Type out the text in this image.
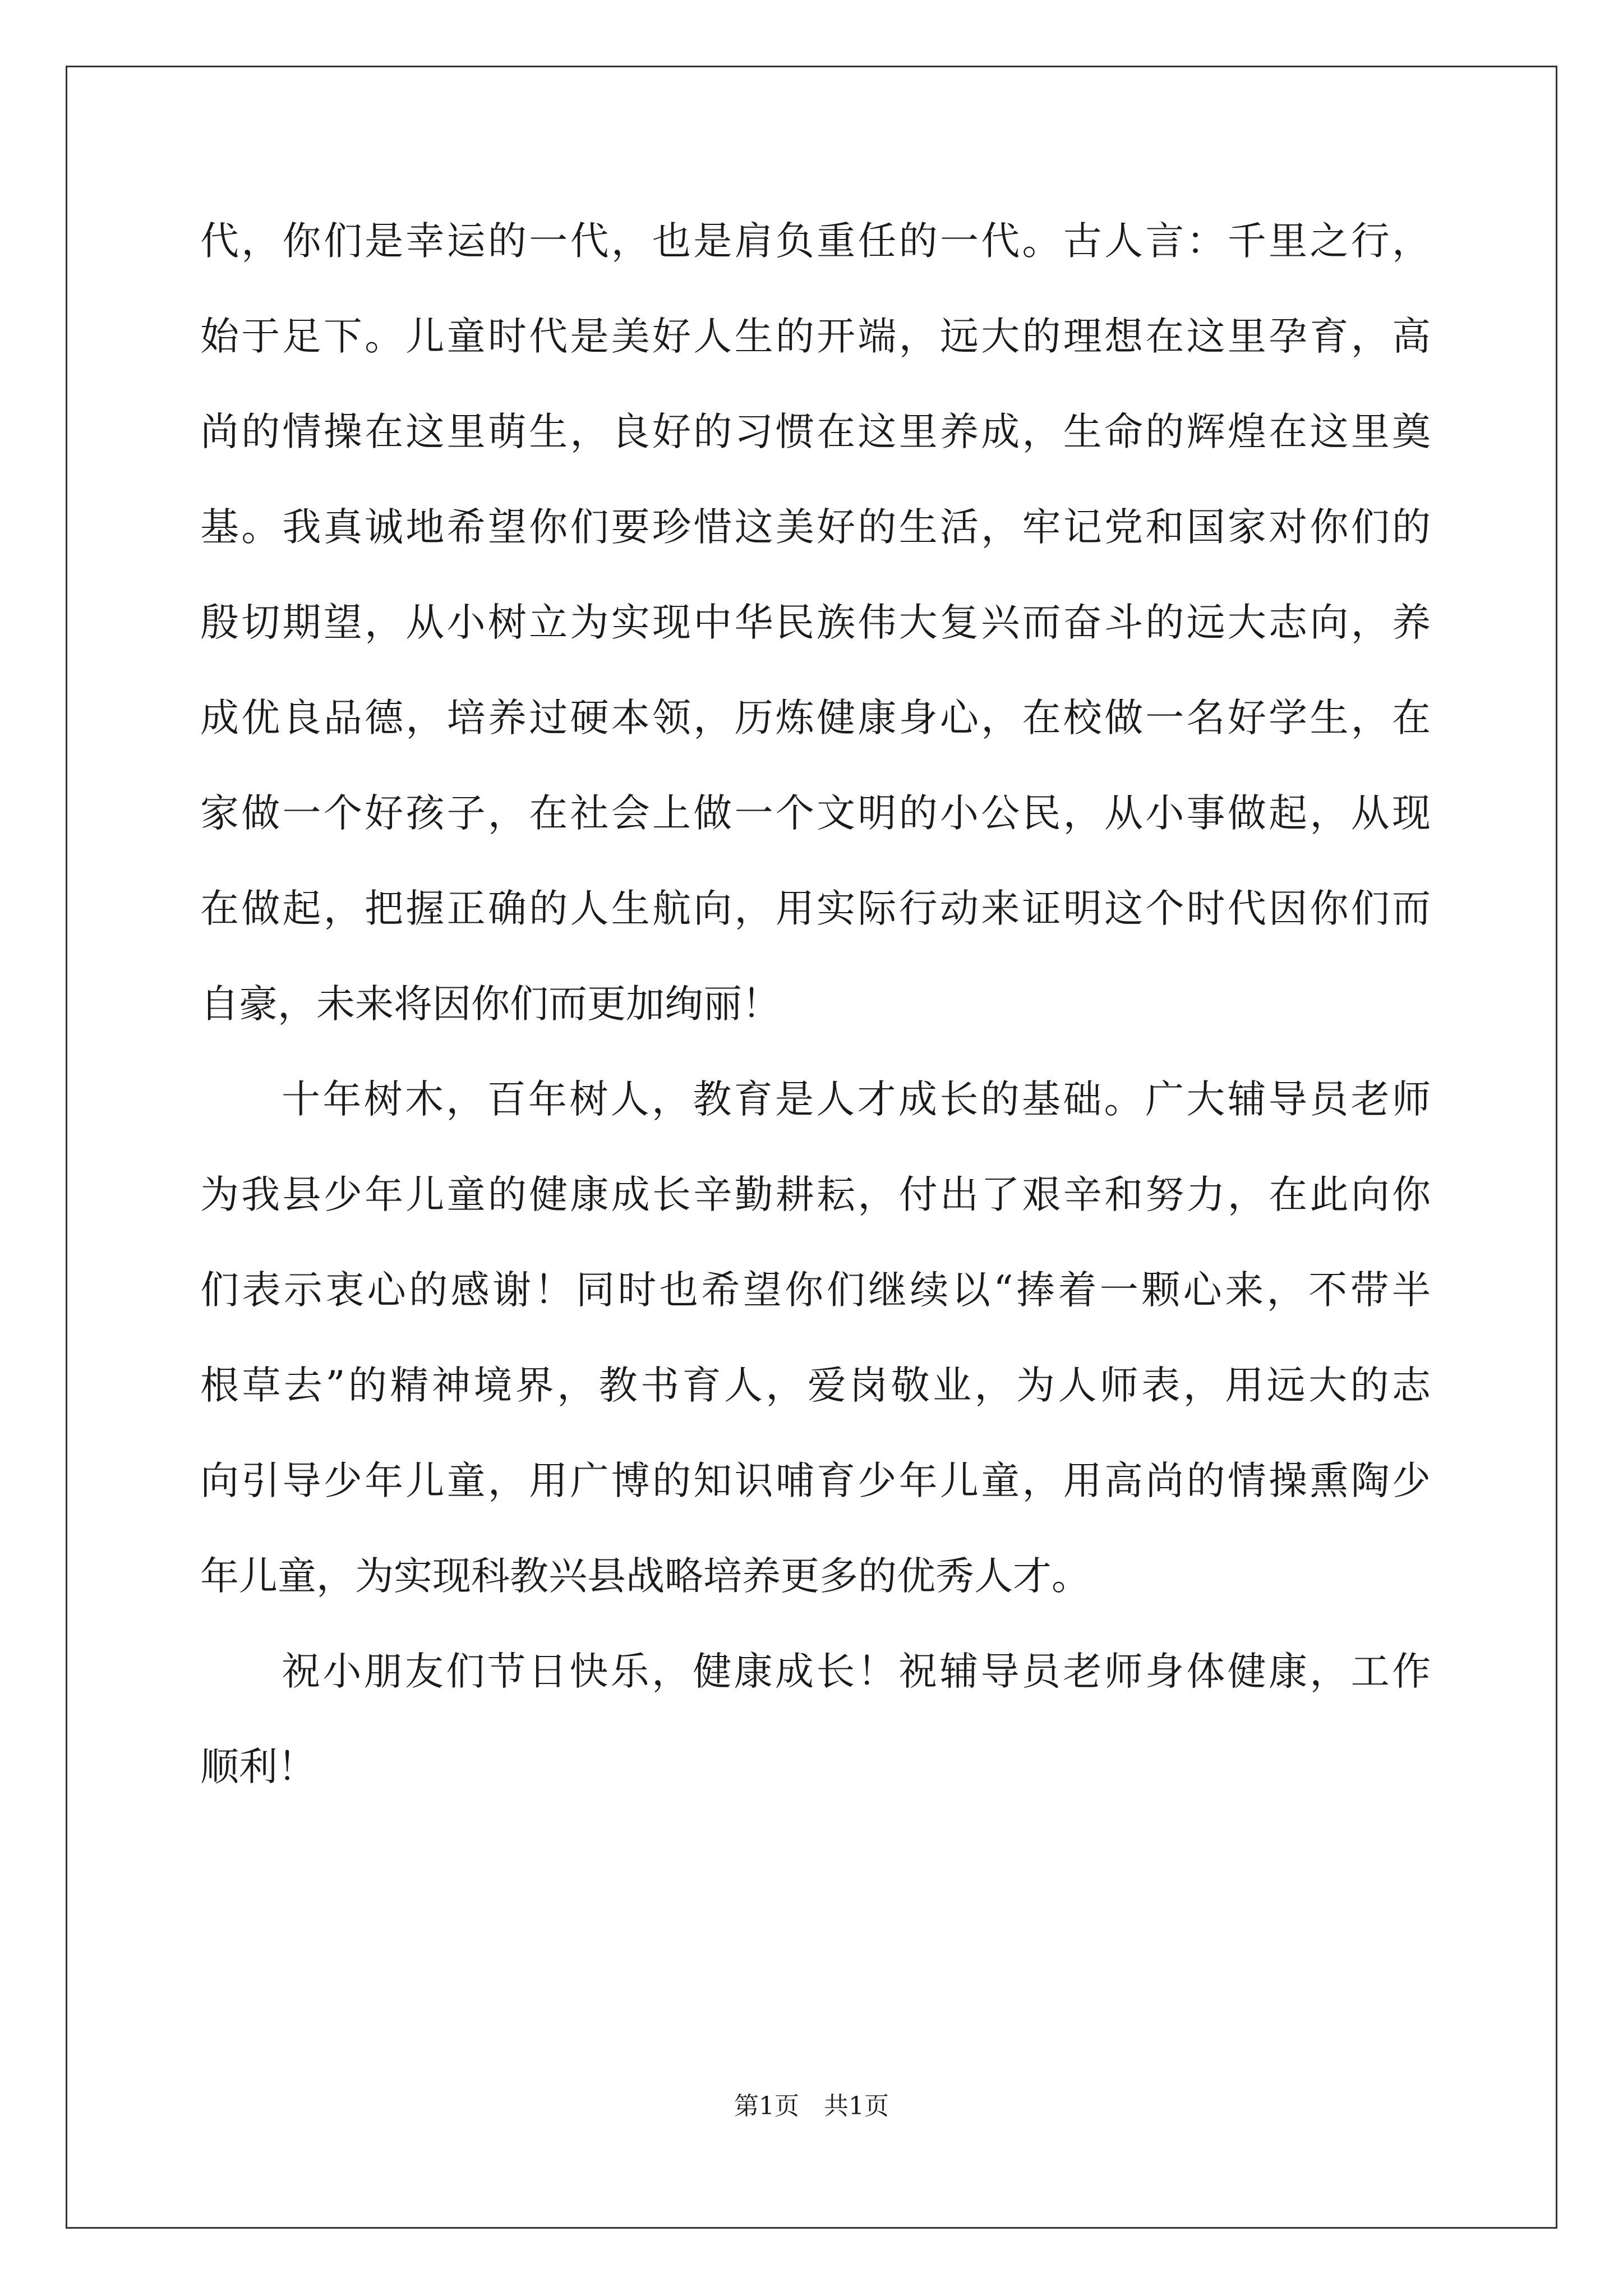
代，你们是幸运的一代，也是肩负重任的一代。古人言：千里之行，
始于足下。儿童时代是美好人生的开端，远大的理想在这里孕育，高
尚的情操在这里萌生，良好的习惯在这里养成，生命的辉煌在这里奠
基。我真诚地希望你们要珍惜这美好的生活，牢记党和国家对你们的
殷切期望，从小树立为实现中华民族伟大复兴而奋斗的远大志向，养
成优良品德，培养过硬本领，历炼健康身心，在校做一名好学生，在
家做一个好孩子，在社会上做一个文明的小公民，从小事做起，从现
在做起，把握正确的人生航向，用实际行动来证明这个时代因你们而
自豪，未来将因你们而更加绚丽！
十年树木，百年树人，教育是人才成长的基础。广大辅导员老师
为我县少年儿童的健康成长辛勤耕耘，付出了艰辛和努力，在此向你
们表示衷心的感谢！同时也希望你们继续以“捧着一颗心来，不带半
根草去”的精神境界，教书育人，爱岗敬业，为人师表，用远大的志
向引导少年儿童，用广博的知识哺育少年儿童，用高尚的情操熏陶少
年儿童，为实现科教兴县战略培养更多的优秀人才。
祝小朋友们节日快乐，健康成长！祝辅导员老师身体健康，工作
顺利！
第1页　共1页
